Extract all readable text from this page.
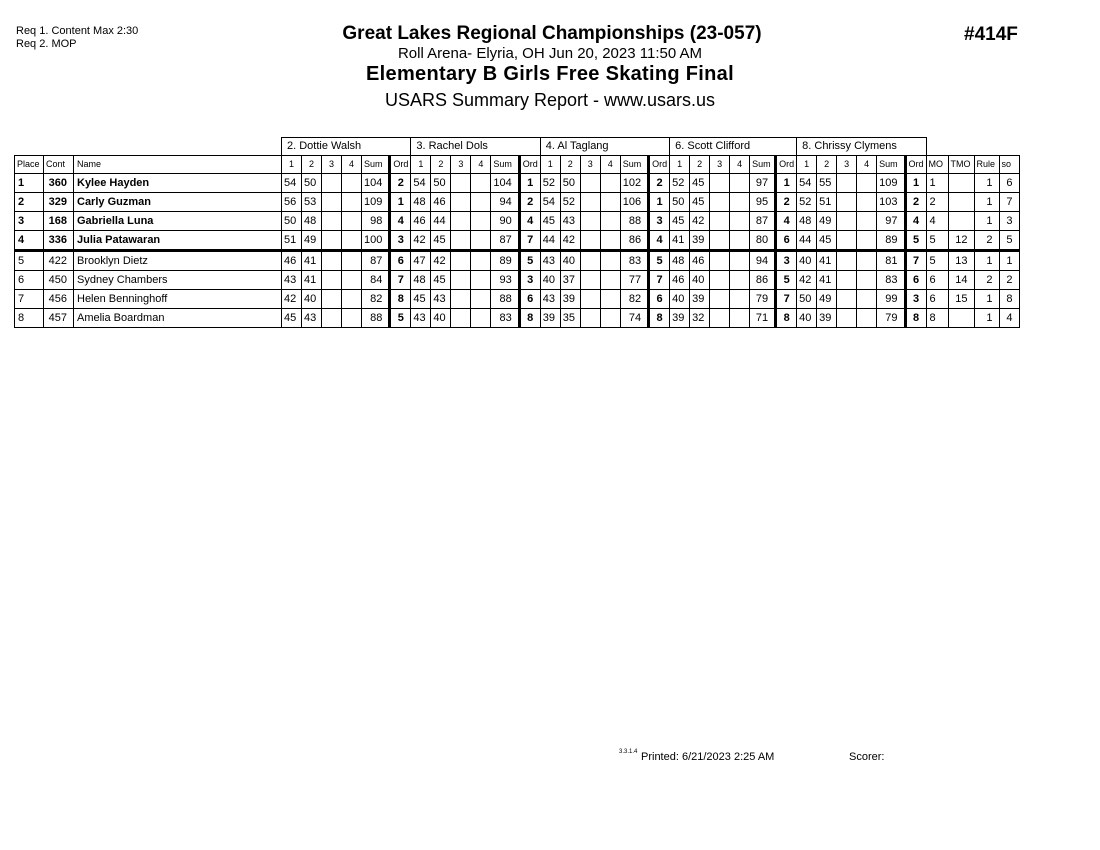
Req 1. Content Max 2:30
Req 2. MOP	#414F
Great Lakes Regional Championships (23-057)
Roll Arena- Elyria, OH Jun 20, 2023 11:50 AM
Elementary B Girls Free Skating Final
USARS Summary Report - www.usars.us
			2. Dottie Walsh						3. Rachel Dols						4. Al Taglang						6. Scott Clifford						8. Chrissy Clymens									
Place	Cont	Name	1	2	3	4	Sum	Ord	1	2	3	4	Sum	Ord	1	2	3	4	Sum	Ord	1	2	3	4	Sum	Ord	1	2	3	4	Sum	Ord	MO	TMO	Rule	so
1	360	Kylee Hayden	54	50			104	2	54	50			104	1	52	50			102	2	52	45			97	1	54	55			109	1	1		1	6
2	329	Carly Guzman	56	53			109	1	48	46			94	2	54	52			106	1	50	45			95	2	52	51			103	2	2		1	7
3	168	Gabriella Luna	50	48			98	4	46	44			90	4	45	43			88	3	45	42			87	4	48	49			97	4	4		1	3
4	336	Julia Patawaran	51	49			100	3	42	45			87	7	44	42			86	4	41	39			80	6	44	45			89	5	5	12	2	5
5	422	Brooklyn Dietz	46	41			87	6	47	42			89	5	43	40			83	5	48	46			94	3	40	41			81	7	5	13	1	1
6	450	Sydney Chambers	43	41			84	7	48	45			93	3	40	37			77	7	46	40			86	5	42	41			83	6	6	14	2	2
7	456	Helen Benninghoff	42	40			82	8	45	43			88	6	43	39			82	6	40	39			79	7	50	49			99	3	6	15	1	8
8	457	Amelia Boardman	45	43			88	5	43	40			83	8	39	35			74	8	39	32			71	8	40	39			79	8	8		1	4
3.3.1.4 Printed: 6/21/2023 2:25 AM	Scorer:
